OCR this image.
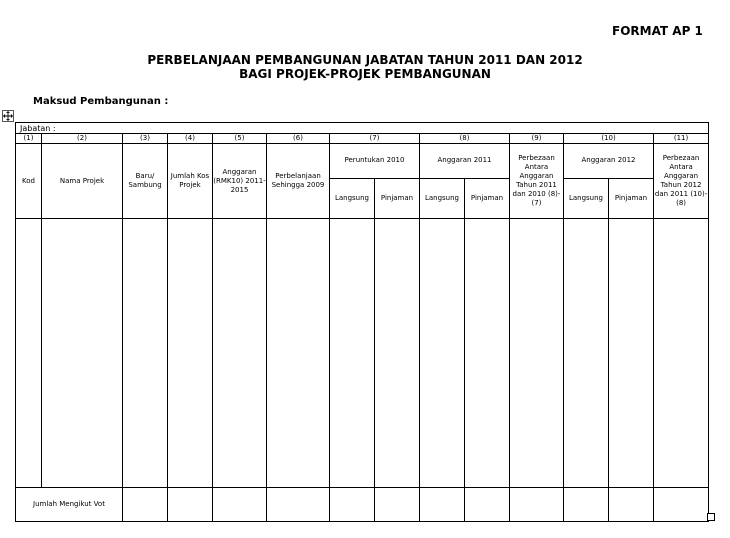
FORMAT AP 1
PERBELANJAAN PEMBANGUNAN JABATAN TAHUN 2011 DAN 2012
BAGI PROJEK-PROJEK PEMBANGUNAN
Maksud Pembangunan :
Jabatan :													
(1)	(2)	(3)	(4)	(5)	(6)	(7)		(8)		(9)	(10)		(11)
Kod	Nama Projek	Baru/ Sambung	Jumlah Kos Projek	Anggaran (RMK10) 2011-2015	Perbelanjaan Sehingga 2009	Peruntukan 2010		Anggaran 2011		Perbezaan Antara Anggaran Tahun 2011 dan 2010 (8)-(7)	Anggaran 2012		Perbezaan Antara Anggaran Tahun 2012 dan 2011 (10)-(8)
						Langsung	Pinjaman	Langsung	Pinjaman		Langsung	Pinjaman	

Jumlah Mengikut Vot													
